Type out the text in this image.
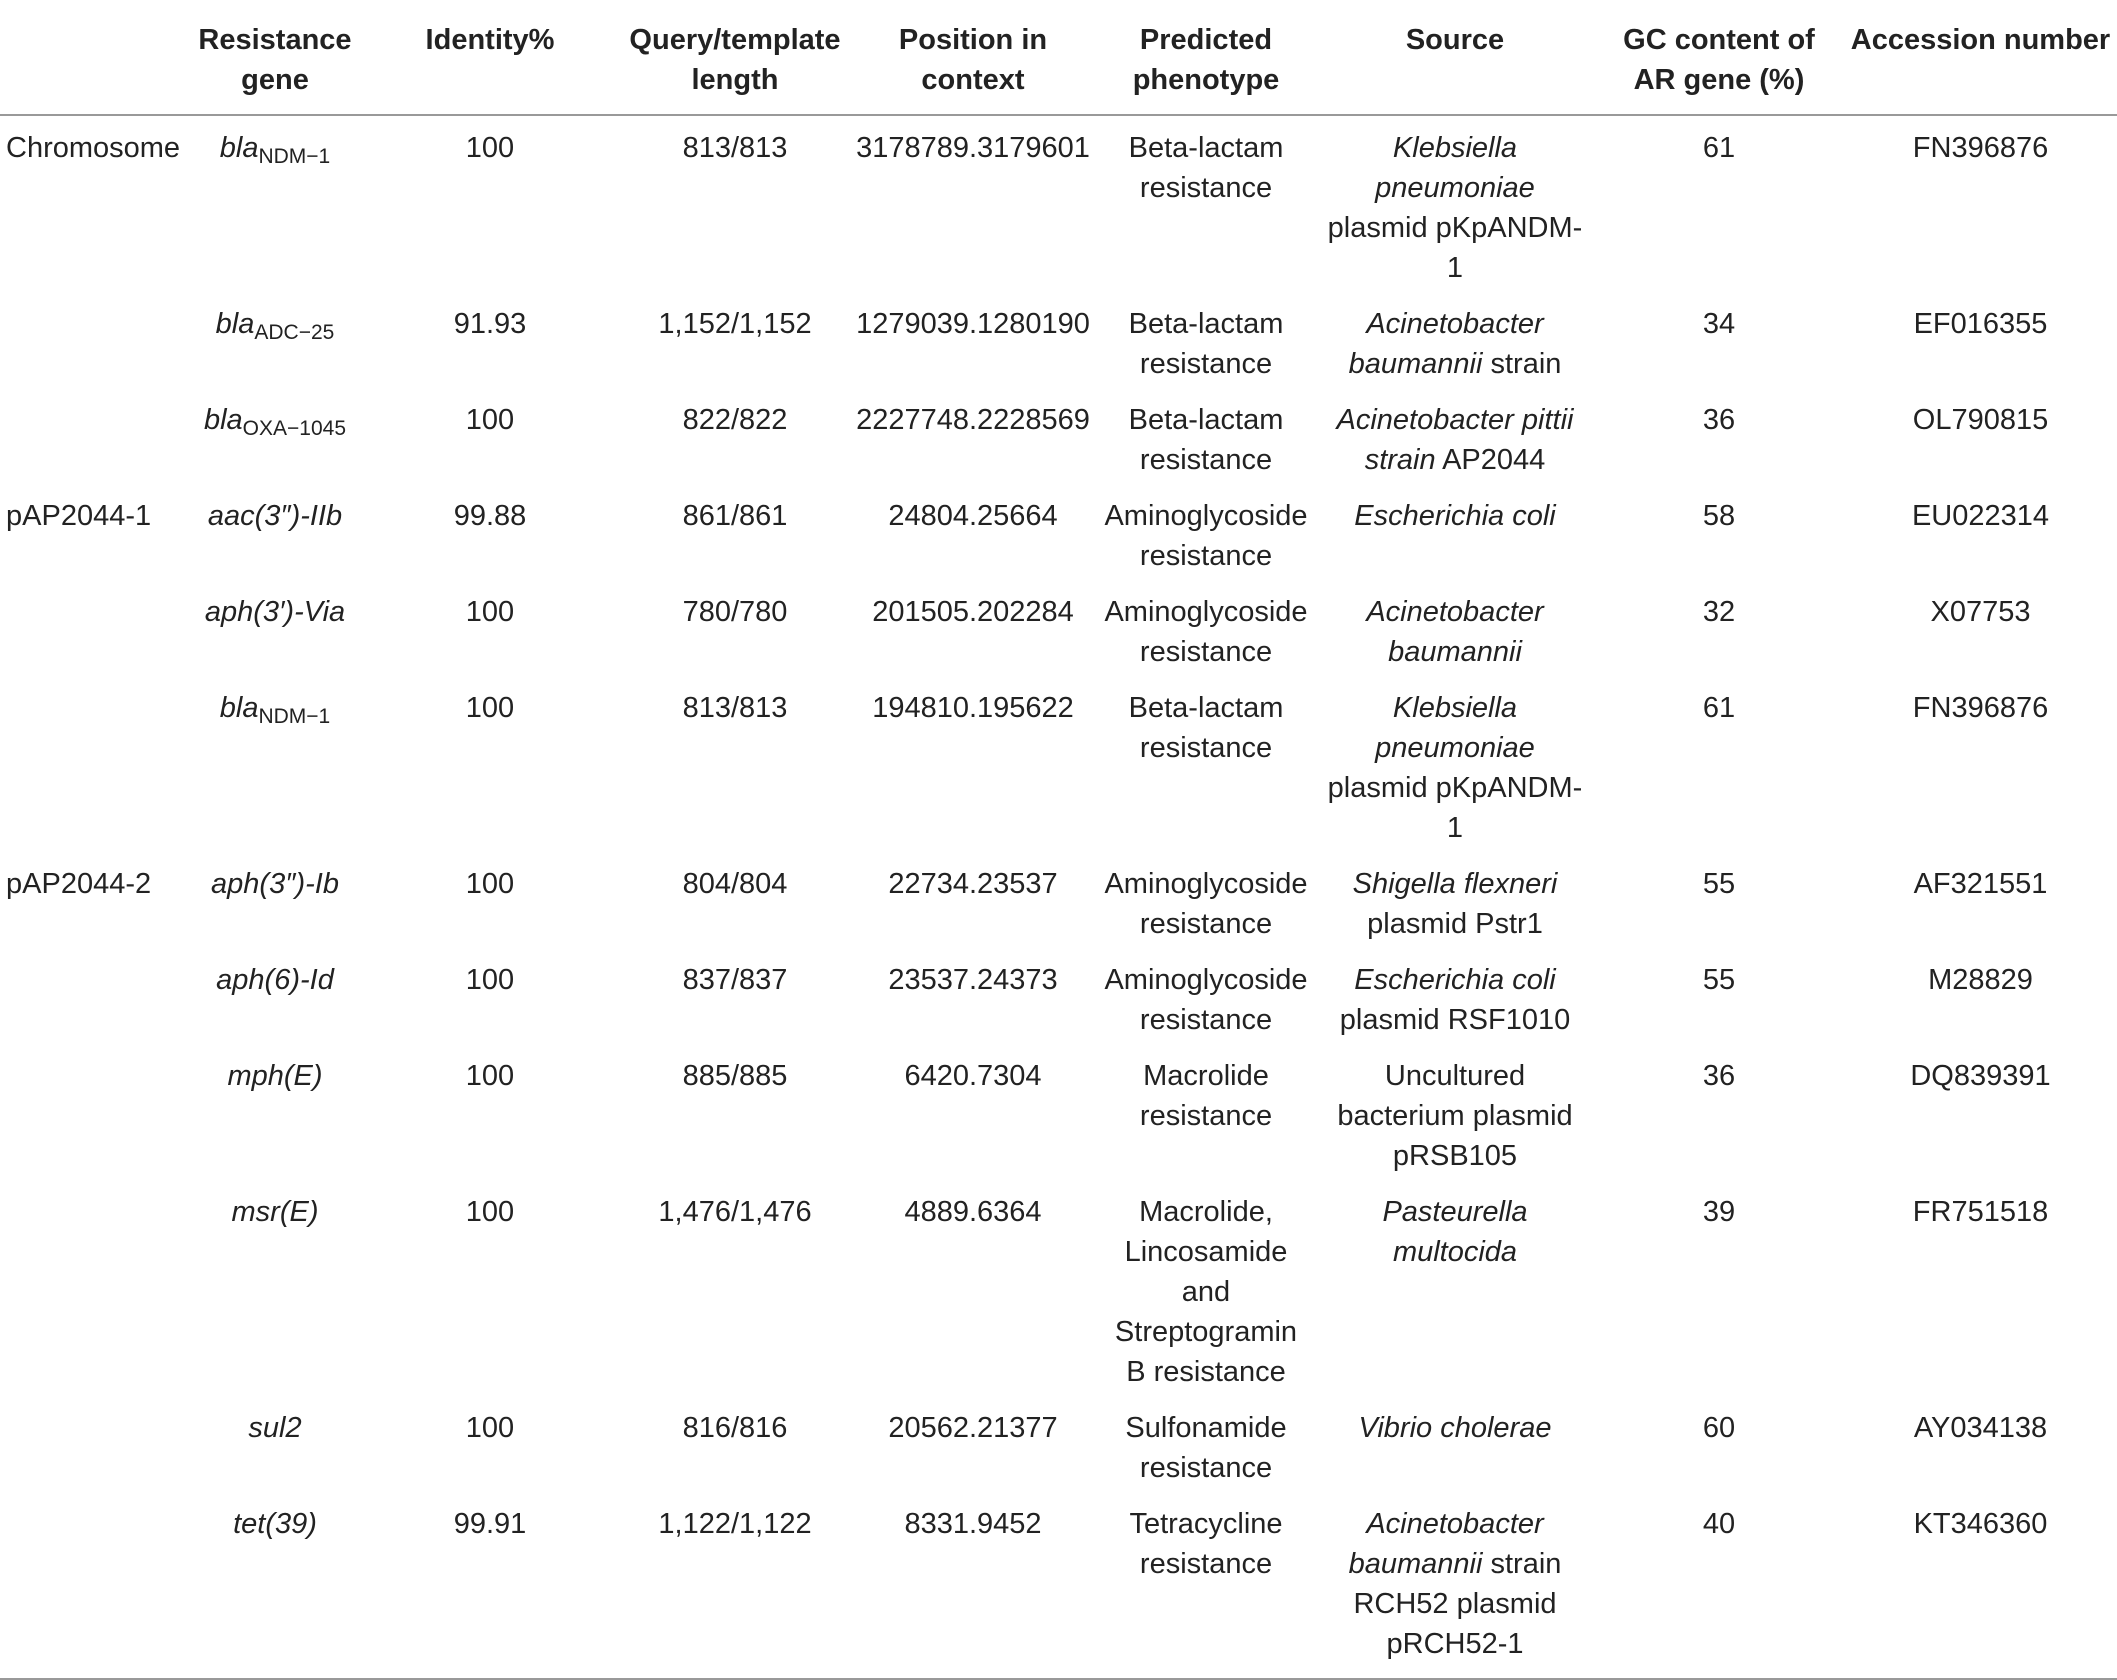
	Resistance gene	Identity%	Query/template length	Position in context	Predicted phenotype	Source	GC content of AR gene (%)	Accession number
Chromosome	bla$_{NDM-1}$	100	813/813	3178789.3179601	Beta-lactam resistance	Klebsiella pneumoniae plasmid pKpANDM-1	61	FN396876
	bla$_{ADC-25}$	91.93	1,152/1,152	1279039.1280190	Beta-lactam resistance	Acinetobacter baumannii strain	34	EF016355
	bla$_{OXA-1045}$	100	822/822	2227748.2228569	Beta-lactam resistance	Acinetobacter pittii strain AP2044	36	OL790815
pAP2044-1	aac(3″)-IIb	99.88	861/861	24804.25664	Aminoglycoside resistance	Escherichia coli	58	EU022314
	aph(3′)-Via	100	780/780	201505.202284	Aminoglycoside resistance	Acinetobacter baumannii	32	X07753
	bla$_{NDM-1}$	100	813/813	194810.195622	Beta-lactam resistance	Klebsiella pneumoniae plasmid pKpANDM-1	61	FN396876
pAP2044-2	aph(3″)-Ib	100	804/804	22734.23537	Aminoglycoside resistance	Shigella flexneri plasmid Pstr1	55	AF321551
	aph(6)-Id	100	837/837	23537.24373	Aminoglycoside resistance	Escherichia coli plasmid RSF1010	55	M28829
	mph(E)	100	885/885	6420.7304	Macrolide resistance	Uncultured bacterium plasmid pRSB105	36	DQ839391
	msr(E)	100	1,476/1,476	4889.6364	Macrolide, Lincosamide and Streptogramin B resistance	Pasteurella multocida	39	FR751518
	sul2	100	816/816	20562.21377	Sulfonamide resistance	Vibrio cholerae	60	AY034138
	tet(39)	99.91	1,122/1,122	8331.9452	Tetracycline resistance	Acinetobacter baumannii strain RCH52 plasmid pRCH52-1	40	KT346360
